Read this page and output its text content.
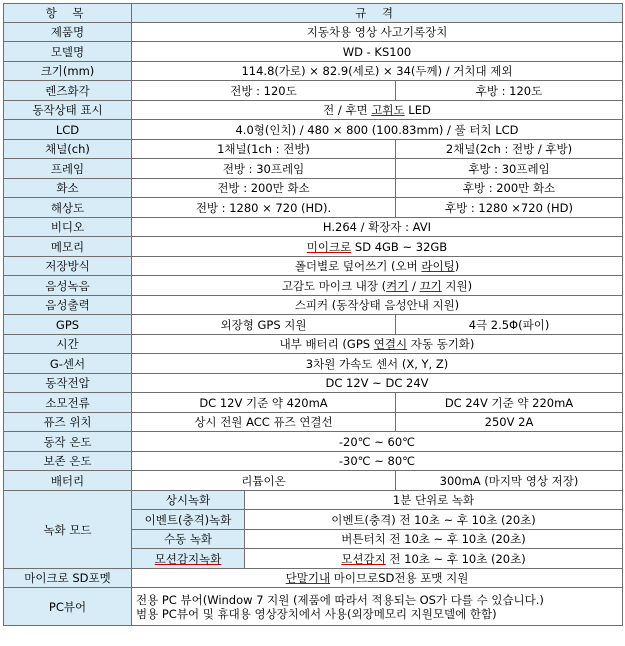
항 목	규 격		
제품명	지동차용 영상 사고기록장치		
모델명	WD - KS100		
크기(mm)	114.8(가로) × 82.9(세로) × 34(두께) / 거치대 제외		
렌즈화각	전방 : 120도		후방 : 120도
동작상태 표시	전 / 후면 고휘도 LED		
LCD	4.0형(인치) / 480 × 800 (100.83mm) / 풀 터치 LCD		
채널(ch)	1채널(1ch : 전방)		2채널(2ch : 전방 / 후방)
프레임	전방 : 30프레임		후방 : 30프레임
화소	전방 : 200만 화소		후방 : 200만 화소
해상도	전방 : 1280 × 720 (HD).		후방 : 1280 ×720 (HD)
비디오	H.264 / 확장자 : AVI		
메모리	미이크로 SD 4GB ~ 32GB		
저장방식	폴더별로 덮어쓰기 (오버 라이팅)		
음성녹음	고감도 마이크 내장 (켜기 / 끄기 지원)		
음성출력	스피커 (동작상태 음성안내 지원)		
GPS	외장형 GPS 지원		4극 2.5Φ(파이)
시간	내부 배터리 (GPS 연결시 자동 동기화)		
G-센서	3차원 가속도 센서 (X, Y, Z)		
동작전압	DC 12V ~ DC 24V		
소모전류	DC 12V 기준 약 420mA		DC 24V 기준 약 220mA
퓨즈 위치	상시 전원 ACC 퓨즈 연결선		250V 2A
동작 온도	-20℃ ~ 60℃		
보존 온도	-30℃ ~ 80℃		
배터리	리튬이온		300mA (마지막 영상 저장)
녹화 모드	상시녹화	1분 단위로 녹화	
	이벤트(충격)녹화	이벤트(충격) 전 10초 ~ 후 10초 (20초)	
	수동 녹화	버튼터치 전 10초 ~ 후 10초 (20초)	
	모션감지녹화	모션감지 전 10초 ~ 후 10초 (20초)	
마이크로 SD포멧	단말기내 마이므로SD전용 포맷 지원		
PC뷰어	전용 PC 뷰어(Window 7 지원 (제품에 따라서 적용되는 OS가 다를 수 있습니다.)
범용 PC뷰어 및 휴대용 영상장치에서 사용(외장메모리 지원모델에 한함)		
